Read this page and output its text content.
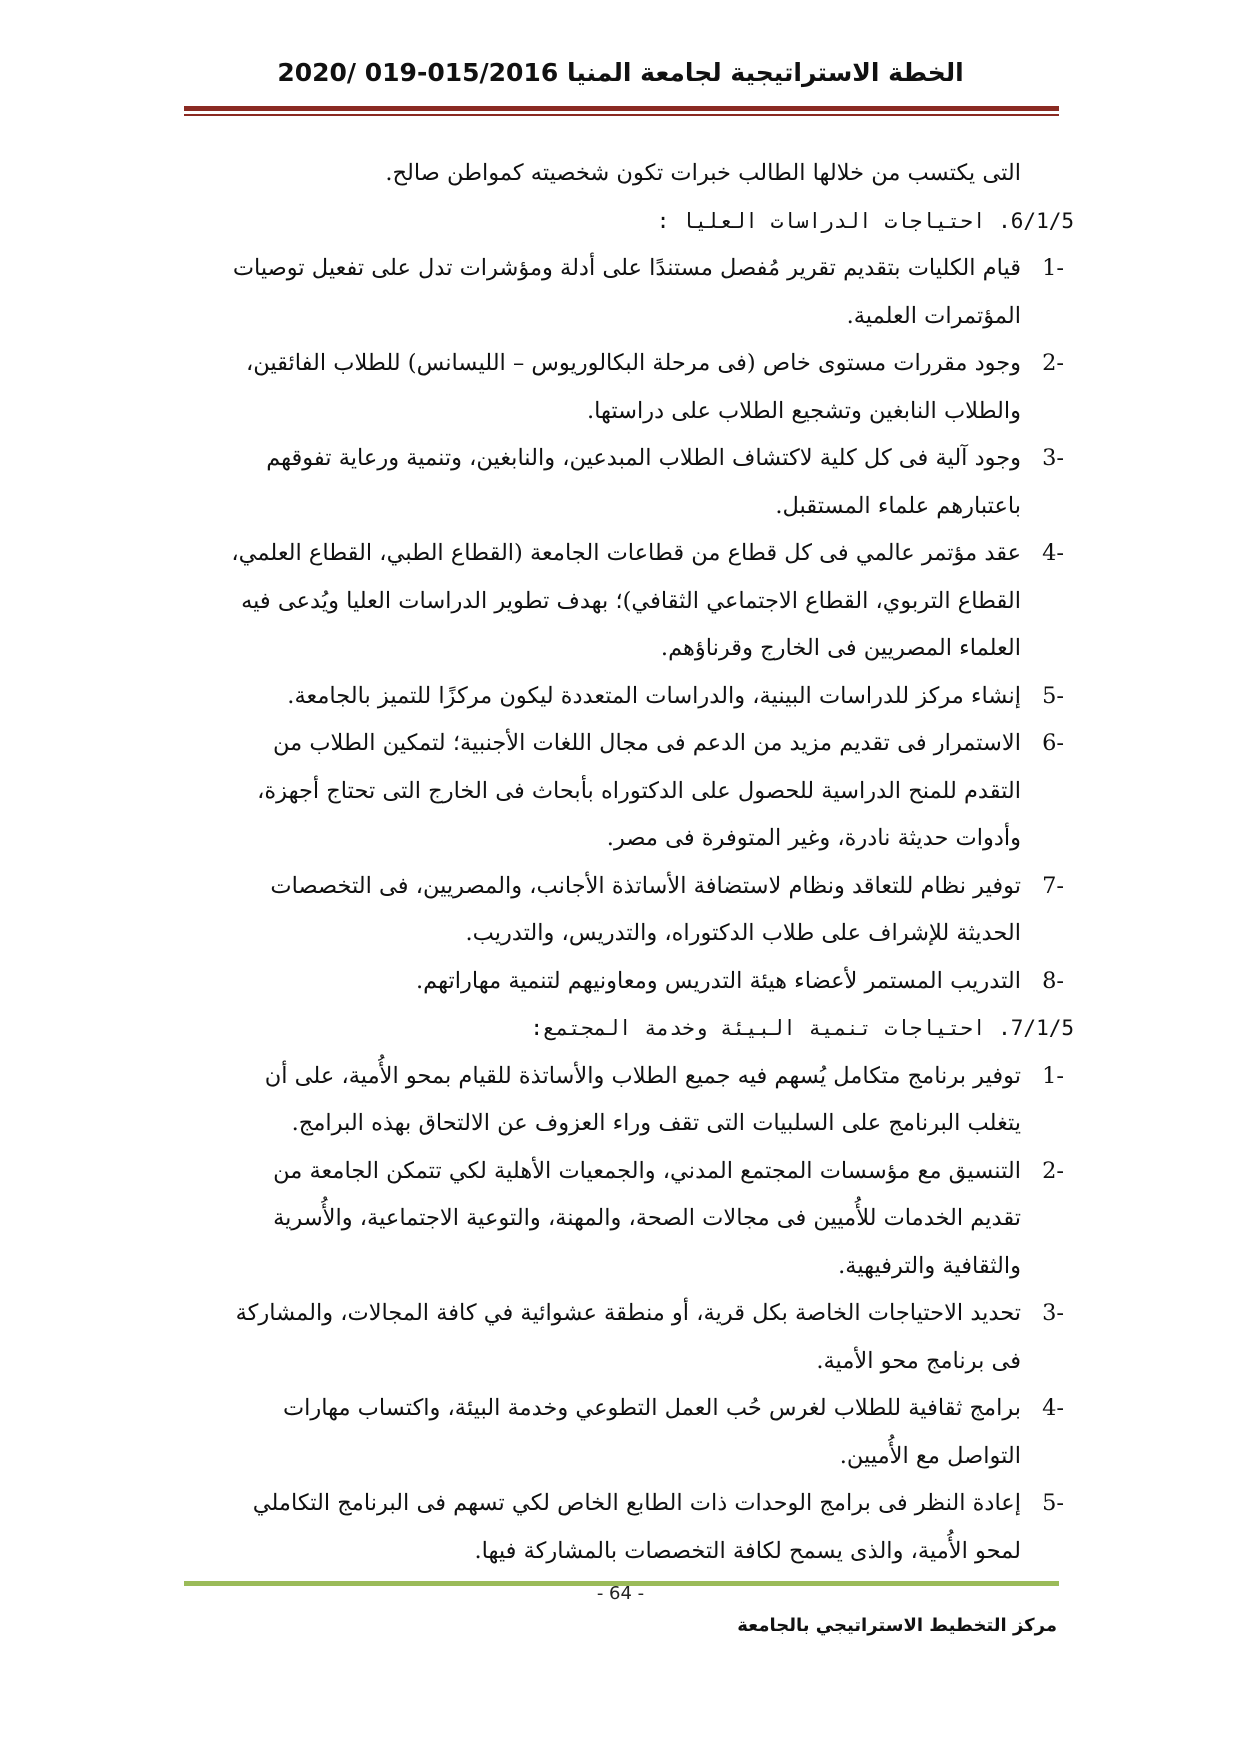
الخطة الاستراتيجية لجامعة المنيا 015/2016-019 /2020
التى يكتسب من خلالها الطالب خبرات تكون شخصيته كمواطن صالح.
6/1/5. احتياجات الدراسات العليا :
1-
قيام الكليات بتقديم تقرير مُفصل مستندًا على أدلة ومؤشرات تدل على تفعيل توصيات
المؤتمرات العلمية.
2-
وجود مقررات مستوى خاص (فى مرحلة البكالوريوس – الليسانس) للطلاب الفائقين،
والطلاب النابغين وتشجيع الطلاب على دراستها.
3-
وجود آلية فى كل كلية لاكتشاف الطلاب المبدعين، والنابغين، وتنمية ورعاية تفوقهم
باعتبارهم علماء المستقبل.
4-
عقد مؤتمر عالمي فى كل قطاع من قطاعات الجامعة (القطاع الطبي، القطاع العلمي،
القطاع التربوي، القطاع الاجتماعي الثقافي)؛ بهدف تطوير الدراسات العليا ويُدعى فيه
العلماء المصريين فى الخارج وقرناؤهم.
5-
إنشاء مركز للدراسات البينية، والدراسات المتعددة ليكون مركزًا للتميز بالجامعة.
6-
الاستمرار فى تقديم مزيد من الدعم فى مجال اللغات الأجنبية؛ لتمكين الطلاب من
التقدم للمنح الدراسية للحصول على الدكتوراه بأبحاث فى الخارج التى تحتاج أجهزة،
وأدوات حديثة نادرة، وغير المتوفرة فى مصر.
7-
توفير نظام للتعاقد ونظام لاستضافة الأساتذة الأجانب، والمصريين، فى التخصصات
الحديثة للإشراف على طلاب الدكتوراه، والتدريس، والتدريب.
8-
التدريب المستمر لأعضاء هيئة التدريس ومعاونيهم لتنمية مهاراتهم.
7/1/5. احتياجات تنمية البيئة وخدمة المجتمع:
1-
توفير برنامج متكامل يُسهم فيه جميع الطلاب والأساتذة للقيام بمحو الأُمية، على أن
يتغلب البرنامج على السلبيات التى تقف وراء العزوف عن الالتحاق بهذه البرامج.
2-
التنسيق مع مؤسسات المجتمع المدني، والجمعيات الأهلية لكي تتمكن الجامعة من
تقديم الخدمات للأُميين فى مجالات الصحة، والمهنة، والتوعية الاجتماعية، والأُسرية
والثقافية والترفيهية.
3-
تحديد الاحتياجات الخاصة بكل قرية، أو منطقة عشوائية في كافة المجالات، والمشاركة
فى برنامج محو الأمية.
4-
برامج ثقافية للطلاب لغرس حُب العمل التطوعي وخدمة البيئة، واكتساب مهارات
التواصل مع الأُميين.
5-
إعادة النظر فى برامج الوحدات ذات الطابع الخاص لكي تسهم فى البرنامج التكاملي
لمحو الأُمية، والذى يسمح لكافة التخصصات بالمشاركة فيها.
- 64 -
مركز التخطيط الاستراتيجي بالجامعة
